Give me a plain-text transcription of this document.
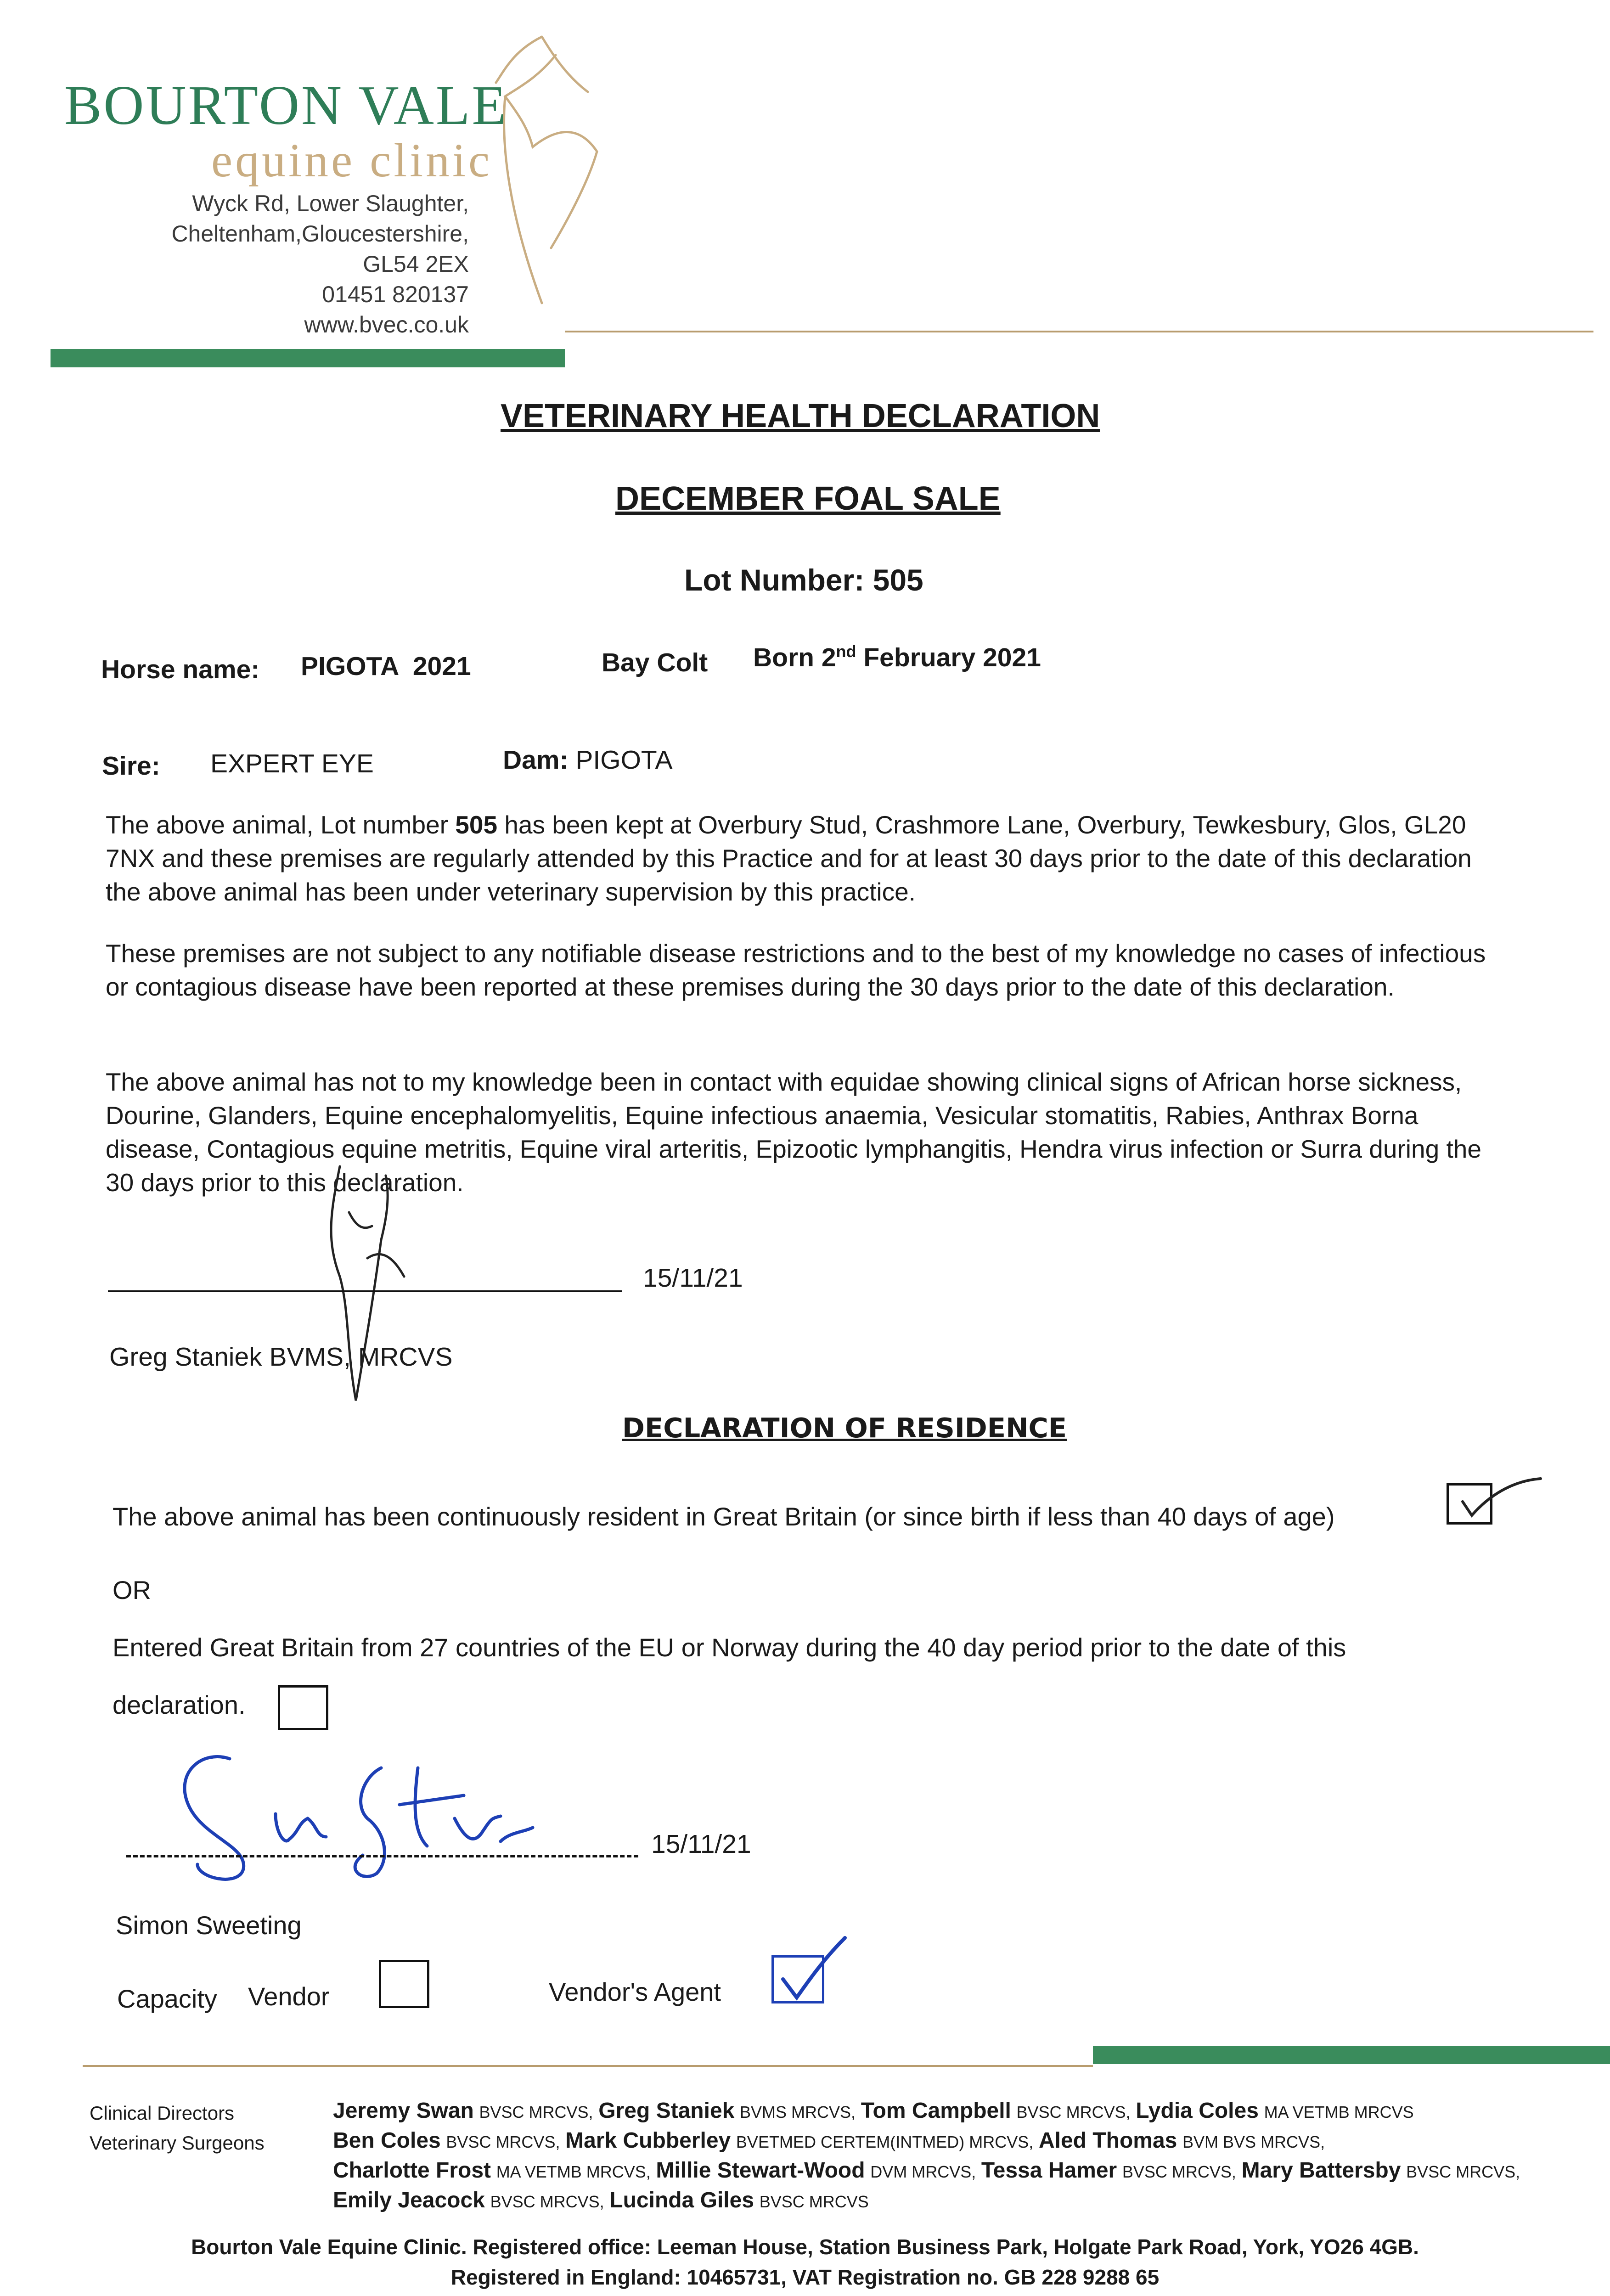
BOURTON VALE
equine clinic
Wyck Rd, Lower Slaughter,
Cheltenham,Gloucestershire,
GL54 2EX
01451 820137
www.bvec.co.uk
VETERINARY HEALTH DECLARATION
DECEMBER FOAL SALE
Lot Number: 505
Horse name: PIGOTA  2021	Bay Colt Born 2nd February 2021
Sire: EXPERT EYE	Dam: PIGOTA

The above animal, Lot number 505 has been kept at Overbury Stud, Crashmore Lane, Overbury, Tewkesbury, Glos, GL20 7NX and these premises are regularly attended by this Practice and for at least 30 days prior to the date of this declaration the above animal has been under veterinary supervision by this practice.

These premises are not subject to any notifiable disease restrictions and to the best of my knowledge no cases of infectious or contagious disease have been reported at these premises during the 30 days prior to the date of this declaration.

The above animal has not to my knowledge been in contact with equidae showing clinical signs of African horse sickness, Dourine, Glanders, Equine encephalomyelitis, Equine infectious anaemia, Vesicular stomatitis, Rabies, Anthrax Borna disease, Contagious equine metritis, Equine viral arteritis, Epizootic lymphangitis, Hendra virus infection or Surra during the 30 days prior to this declaration.

15/11/21
Greg Staniek BVMS, MRCVS
DECLARATION OF RESIDENCE
The above animal has been continuously resident in Great Britain (or since birth if less than 40 days of age)
OR
Entered Great Britain from 27 countries of the EU or Norway during the 40 day period prior to the date of this
declaration.
15/11/21
Simon Sweeting
Capacity Vendor	Vendor's Agent
Clinical Directors
Veterinary Surgeons
Jeremy Swan BVSC MRCVS, Greg Staniek BVMS MRCVS, Tom Campbell BVSC MRCVS, Lydia Coles MA VETMB MRCVS
Ben Coles BVSC MRCVS, Mark Cubberley BVETMED CERTEM(INTMED) MRCVS, Aled Thomas BVM BVS MRCVS,
Charlotte Frost MA VETMB MRCVS, Millie Stewart-Wood DVM MRCVS, Tessa Hamer BVSC MRCVS, Mary Battersby BVSC MRCVS,
Emily Jeacock BVSC MRCVS, Lucinda Giles BVSC MRCVS
Bourton Vale Equine Clinic. Registered office: Leeman House, Station Business Park, Holgate Park Road, York, YO26 4GB.
Registered in England: 10465731, VAT Registration no. GB 228 9288 65
